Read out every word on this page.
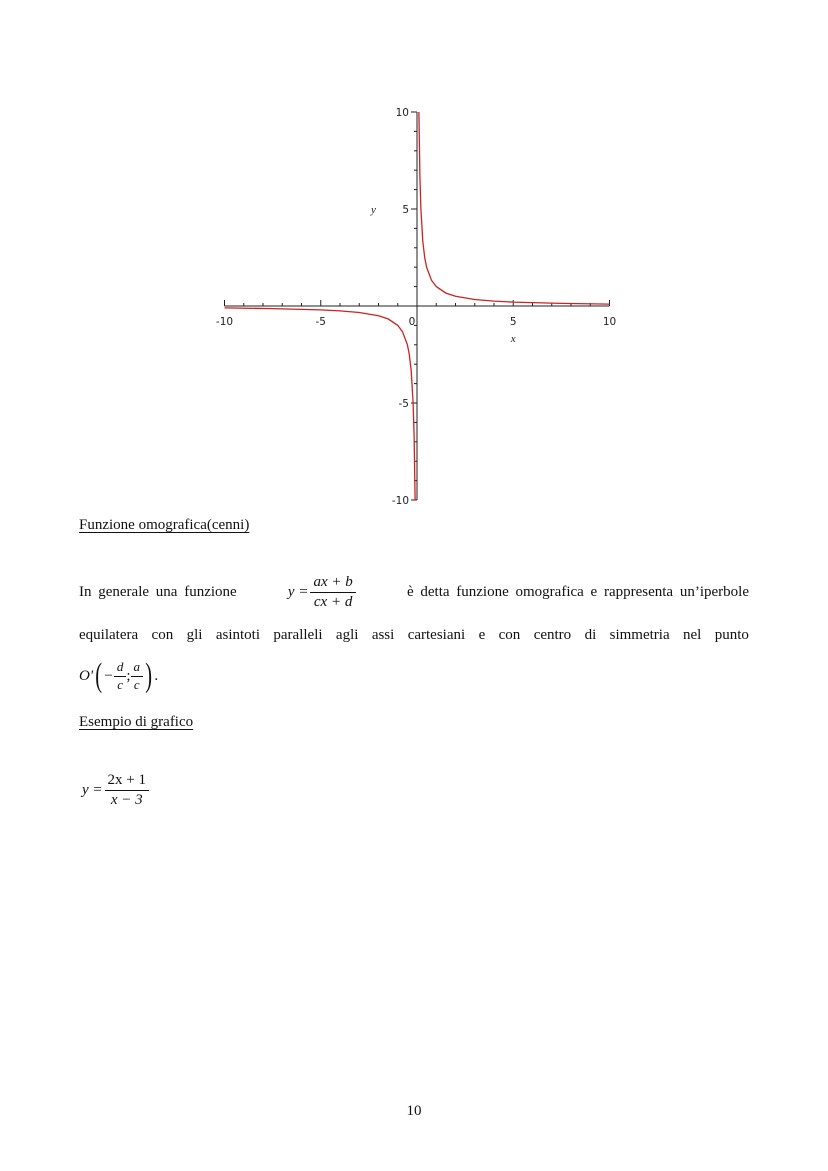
-10	-5	0	5	10
10
5
-5
-10
x
y
Funzione omografica(cenni)
In generale una funzione	$y = \frac{ax + b}{cx + d}$	è detta funzione omografica e rappresenta un’iperbole
equilatera con gli asintoti paralleli agli assi cartesiani e con centro di simmetria nel punto
O' ( − $\frac{d}{c}$ ; $\frac{a}{c}$ ) .
Esempio di grafico
$y = \frac{2x + 1}{x - 3}$
10
